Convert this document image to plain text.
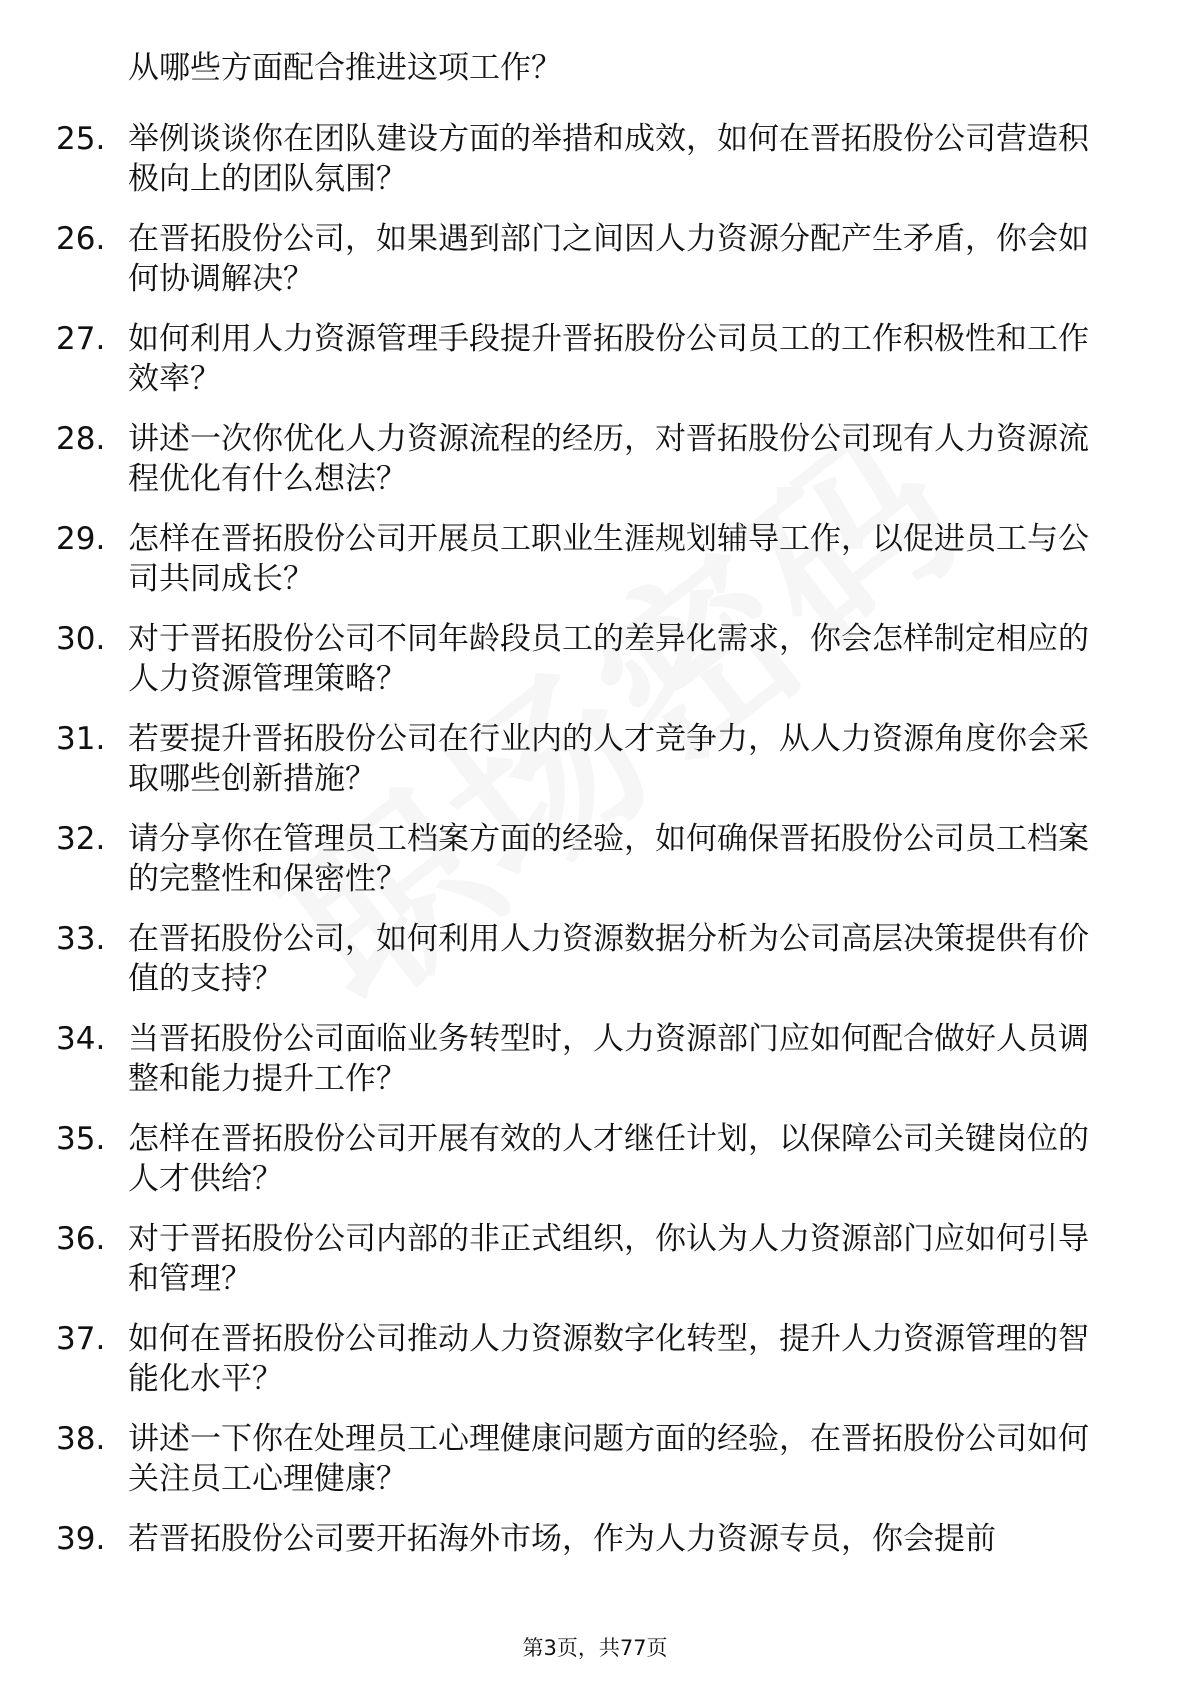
从哪些方面配合推进这项工作？

25. 举例谈谈你在团队建设方面的举措和成效，如何在晋拓股份公司营造积极向上的团队氛围？

26. 在晋拓股份公司，如果遇到部门之间因人力资源分配产生矛盾，你会如何协调解决？

27. 如何利用人力资源管理手段提升晋拓股份公司员工的工作积极性和工作效率？

28. 讲述一次你优化人力资源流程的经历，对晋拓股份公司现有人力资源流程优化有什么想法？

29. 怎样在晋拓股份公司开展员工职业生涯规划辅导工作，以促进员工与公司共同成长？

30. 对于晋拓股份公司不同年龄段员工的差异化需求，你会怎样制定相应的人力资源管理策略？

31. 若要提升晋拓股份公司在行业内的人才竞争力，从人力资源角度你会采取哪些创新措施？

32. 请分享你在管理员工档案方面的经验，如何确保晋拓股份公司员工档案的完整性和保密性？

33. 在晋拓股份公司，如何利用人力资源数据分析为公司高层决策提供有价值的支持？

34. 当晋拓股份公司面临业务转型时，人力资源部门应如何配合做好人员调整和能力提升工作？

35. 怎样在晋拓股份公司开展有效的人才继任计划，以保障公司关键岗位的人才供给？

36. 对于晋拓股份公司内部的非正式组织，你认为人力资源部门应如何引导和管理？

37. 如何在晋拓股份公司推动人力资源数字化转型，提升人力资源管理的智能化水平？

38. 讲述一下你在处理员工心理健康问题方面的经验，在晋拓股份公司如何关注员工心理健康？

39. 若晋拓股份公司要开拓海外市场，作为人力资源专员，你会提前

第3页，共77页
